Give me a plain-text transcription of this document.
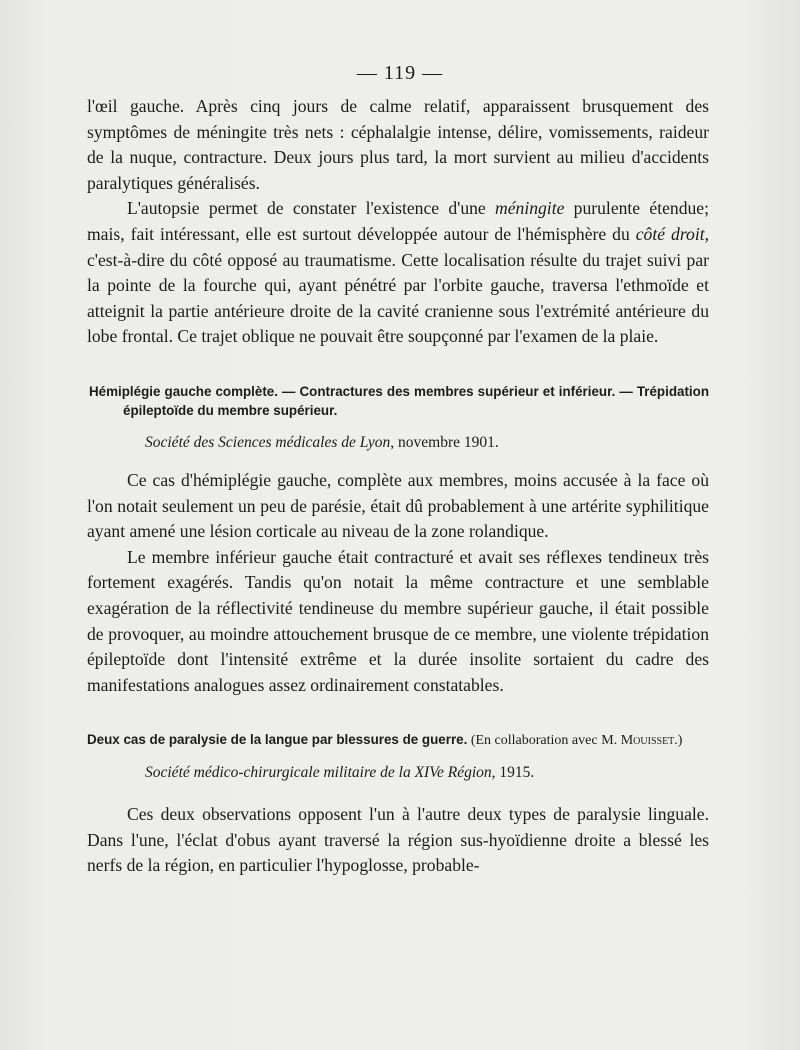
— 119 —

l'œil gauche. Après cinq jours de calme relatif, apparaissent brusquement des symptômes de méningite très nets : céphalalgie intense, délire, vomissements, raideur de la nuque, contracture. Deux jours plus tard, la mort survient au milieu d'accidents paralytiques généralisés.

L'autopsie permet de constater l'existence d'une méningite purulente étendue; mais, fait intéressant, elle est surtout développée autour de l'hémisphère du côté droit, c'est-à-dire du côté opposé au traumatisme. Cette localisation résulte du trajet suivi par la pointe de la fourche qui, ayant pénétré par l'orbite gauche, traversa l'ethmoïde et atteignit la partie antérieure droite de la cavité cranienne sous l'extrémité antérieure du lobe frontal. Ce trajet oblique ne pouvait être soupçonné par l'examen de la plaie.

Hémiplégie gauche complète. — Contractures des membres supérieur et inférieur. — Trépidation épileptoïde du membre supérieur.
Société des Sciences médicales de Lyon, novembre 1901.

Ce cas d'hémiplégie gauche, complète aux membres, moins accusée à la face où l'on notait seulement un peu de parésie, était dû probablement à une artérite syphilitique ayant amené une lésion corticale au niveau de la zone rolandique.

Le membre inférieur gauche était contracturé et avait ses réflexes tendineux très fortement exagérés. Tandis qu'on notait la même contracture et une semblable exagération de la réflectivité tendineuse du membre supérieur gauche, il était possible de provoquer, au moindre attouchement brusque de ce membre, une violente trépidation épileptoïde dont l'intensité extrême et la durée insolite sortaient du cadre des manifestations analogues assez ordinairement constatables.

Deux cas de paralysie de la langue par blessures de guerre. (En collaboration avec M. Mouisset.)
Société médico-chirurgicale militaire de la XIVe Région, 1915.

Ces deux observations opposent l'un à l'autre deux types de paralysie linguale. Dans l'une, l'éclat d'obus ayant traversé la région sus-hyoïdienne droite a blessé les nerfs de la région, en particulier l'hypoglosse, probable-
